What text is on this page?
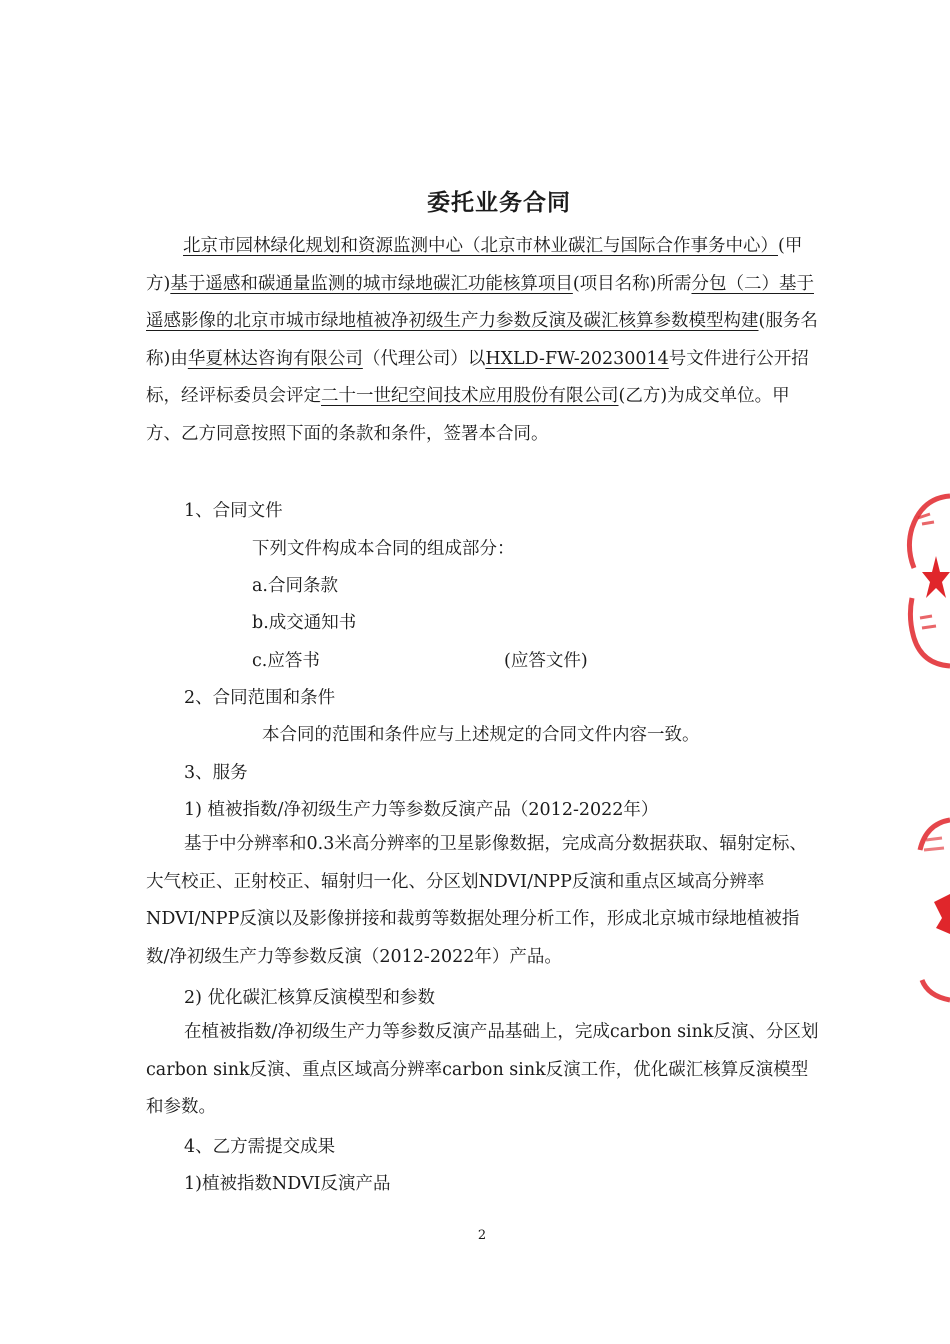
委托业务合同
北京市园林绿化规划和资源监测中心（北京市林业碳汇与国际合作事务中心）(甲方)基于遥感和碳通量监测的城市绿地碳汇功能核算项目(项目名称)所需分包（二）基于遥感影像的北京市城市绿地植被净初级生产力参数反演及碳汇核算参数模型构建(服务名称)由华夏林达咨询有限公司（代理公司）以HXLD-FW-20230014号文件进行公开招标，经评标委员会评定二十一世纪空间技术应用股份有限公司(乙方)为成交单位。甲方、乙方同意按照下面的条款和条件，签署本合同。
1、合同文件
下列文件构成本合同的组成部分：
a.合同条款
b.成交通知书
c.应答书	(应答文件)
2、合同范围和条件
本合同的范围和条件应与上述规定的合同文件内容一致。
3、服务
1) 植被指数/净初级生产力等参数反演产品（2012-2022年）
基于中分辨率和0.3米高分辨率的卫星影像数据，完成高分数据获取、辐射定标、大气校正、正射校正、辐射归一化、分区划NDVI/NPP反演和重点区域高分辨率NDVI/NPP反演以及影像拼接和裁剪等数据处理分析工作，形成北京城市绿地植被指数/净初级生产力等参数反演（2012-2022年）产品。
2) 优化碳汇核算反演模型和参数
在植被指数/净初级生产力等参数反演产品基础上，完成carbon sink反演、分区划carbon sink反演、重点区域高分辨率carbon sink反演工作，优化碳汇核算反演模型和参数。
4、乙方需提交成果
1)植被指数NDVI反演产品
2
